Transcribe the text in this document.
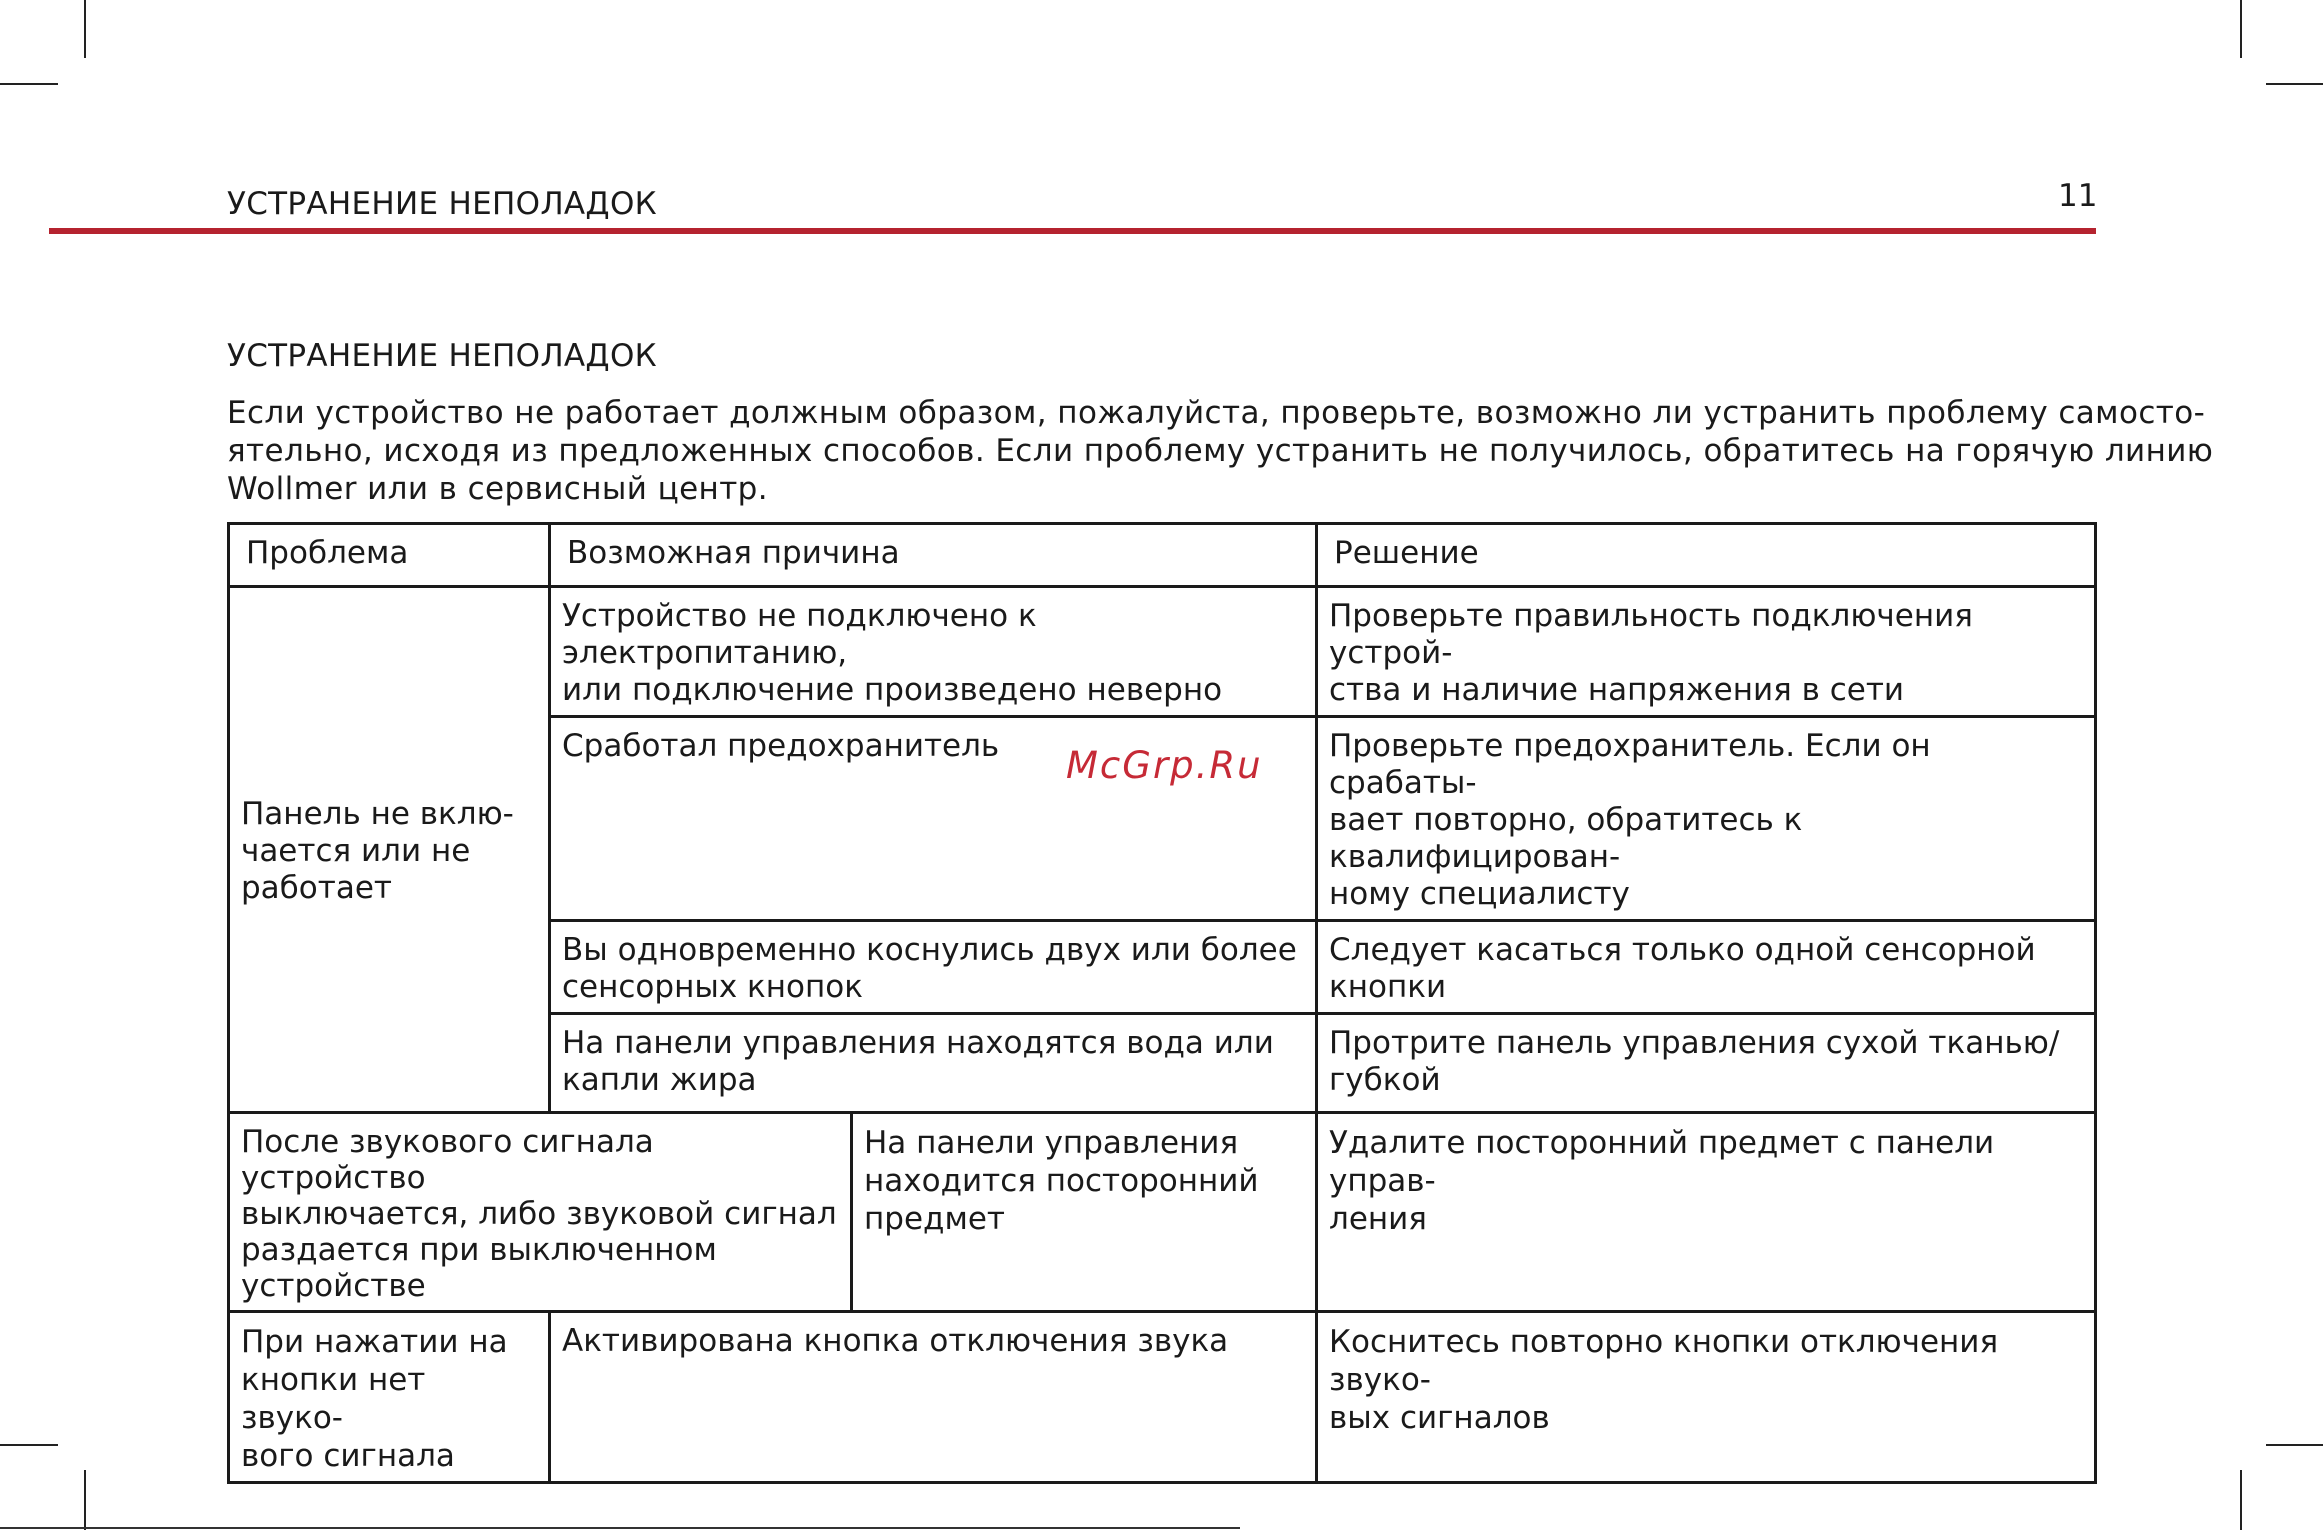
УСТРАНЕНИЕ НЕПОЛАДОК	11
УСТРАНЕНИЕ НЕПОЛАДОК
Если устройство не работает должным образом, пожалуйста, проверьте, возможно ли устранить проблему самосто-
ятельно, исходя из предложенных способов. Если проблему устранить не получилось, обратитесь на горячую линию
Wollmer или в сервисный центр.
Проблема	Возможная причина		Решение
Панель не вклю-
чается или не
работает	Устройство не подключено к электропитанию,
или подключение произведено неверно		Проверьте правильность подключения устрой-
ства и наличие напряжения в сети
	Сработал предохранитель		Проверьте предохранитель. Если он срабаты-
вает повторно, обратитесь к квалифицирован-
ному специалисту
	Вы одновременно коснулись двух или более
сенсорных кнопок		Следует касаться только одной сенсорной
кнопки
	На панели управления находятся вода или
капли жира		Протрите панель управления сухой тканью/
губкой
После звукового сигнала устройство
выключается, либо звуковой сигнал
раздается при выключенном
устройстве		На панели управления
находится посторонний
предмет	Удалите посторонний предмет с панели управ-
ления
При нажатии на
кнопки нет звуко-
вого сигнала	Активирована кнопка отключения звука		Коснитесь повторно кнопки отключения звуко-
вых сигналов
McGrp.Ru
